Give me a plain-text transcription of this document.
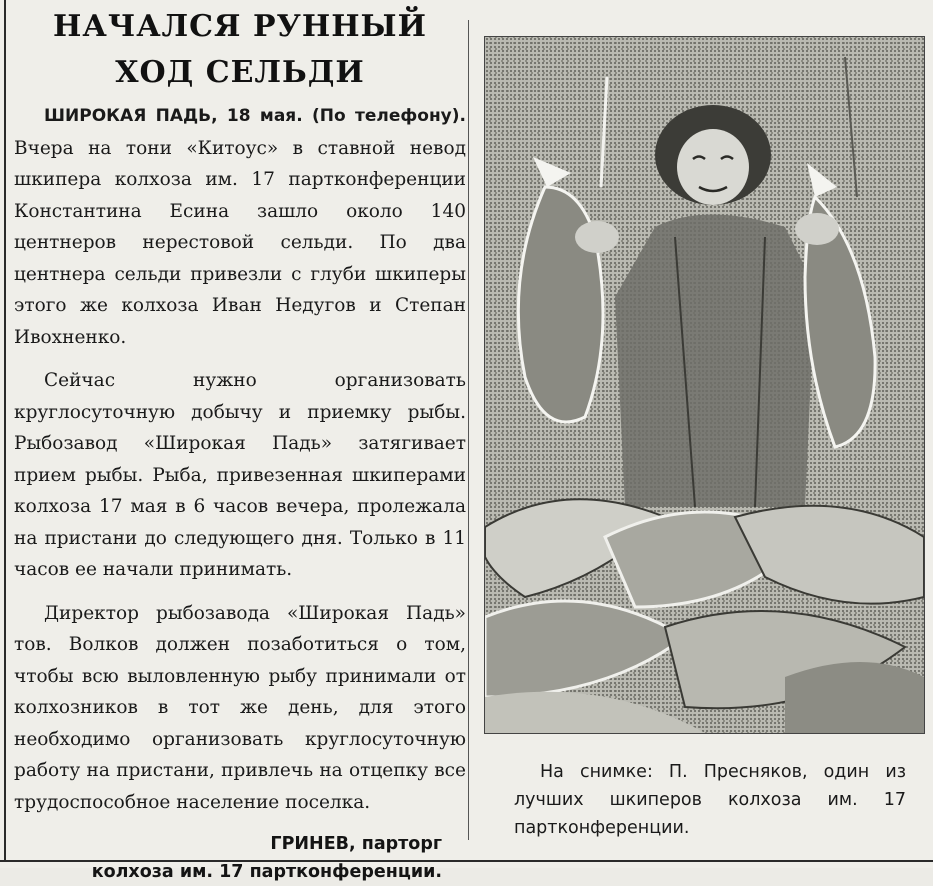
НАЧАЛСЯ РУННЫЙ
ХОД СЕЛЬДИ

ШИРОКАЯ ПАДЬ, 18 мая. (По телефону). Вчера на тони «Китоус» в ставной невод шкипера колхоза им. 17 партконференции Константина Есина зашло около 140 центнеров нерестовой сельди. По два центнера сельди привезли с глуби шкиперы этого же колхоза Иван Недугов и Степан Ивохненко.

Сейчас нужно организовать круглосуточную добычу и приемку рыбы. Рыбозавод «Широкая Падь» затягивает прием рыбы. Рыба, привезенная шкиперами колхоза 17 мая в 6 часов вечера, пролежала на пристани до следующего дня. Только в 11 часов ее начали принимать.

Директор рыбозавода «Широкая Падь» тов. Волков должен позаботиться о том, чтобы всю выловленную рыбу принимали от колхозников в тот же день, для этого необходимо организовать круглосуточную работу на пристани, привлечь на отцепку все трудоспособное население поселка.

ГРИНЕВ, парторг
колхоза им. 17 партконференции.
На снимке: П. Пресняков, один из лучших шкиперов колхоза им. 17 партконференции.
